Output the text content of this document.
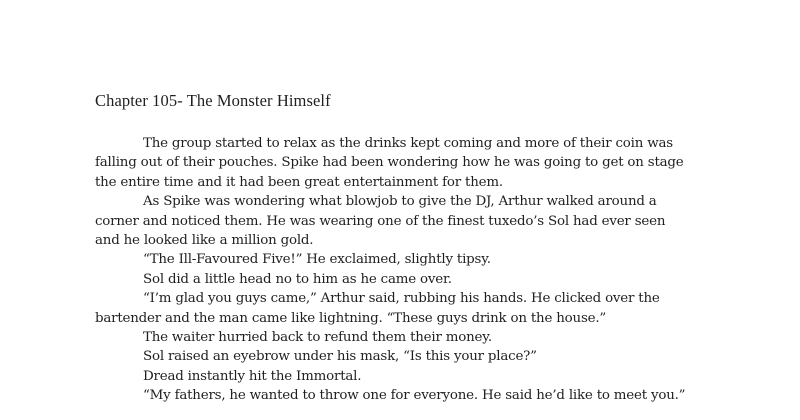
Chapter 105- The Monster Himself
The group started to relax as the drinks kept coming and more of their coin was
falling out of their pouches. Spike had been wondering how he was going to get on stage
the entire time and it had been great entertainment for them.
As Spike was wondering what blowjob to give the DJ, Arthur walked around a
corner and noticed them. He was wearing one of the finest tuxedo’s Sol had ever seen
and he looked like a million gold.
“The Ill-Favoured Five!” He exclaimed, slightly tipsy.
Sol did a little head no to him as he came over.
“I’m glad you guys came,” Arthur said, rubbing his hands. He clicked over the
bartender and the man came like lightning. “These guys drink on the house.”
The waiter hurried back to refund them their money.
Sol raised an eyebrow under his mask, “Is this your place?”
Dread instantly hit the Immortal.
“My fathers, he wanted to throw one for everyone. He said he’d like to meet you.”
